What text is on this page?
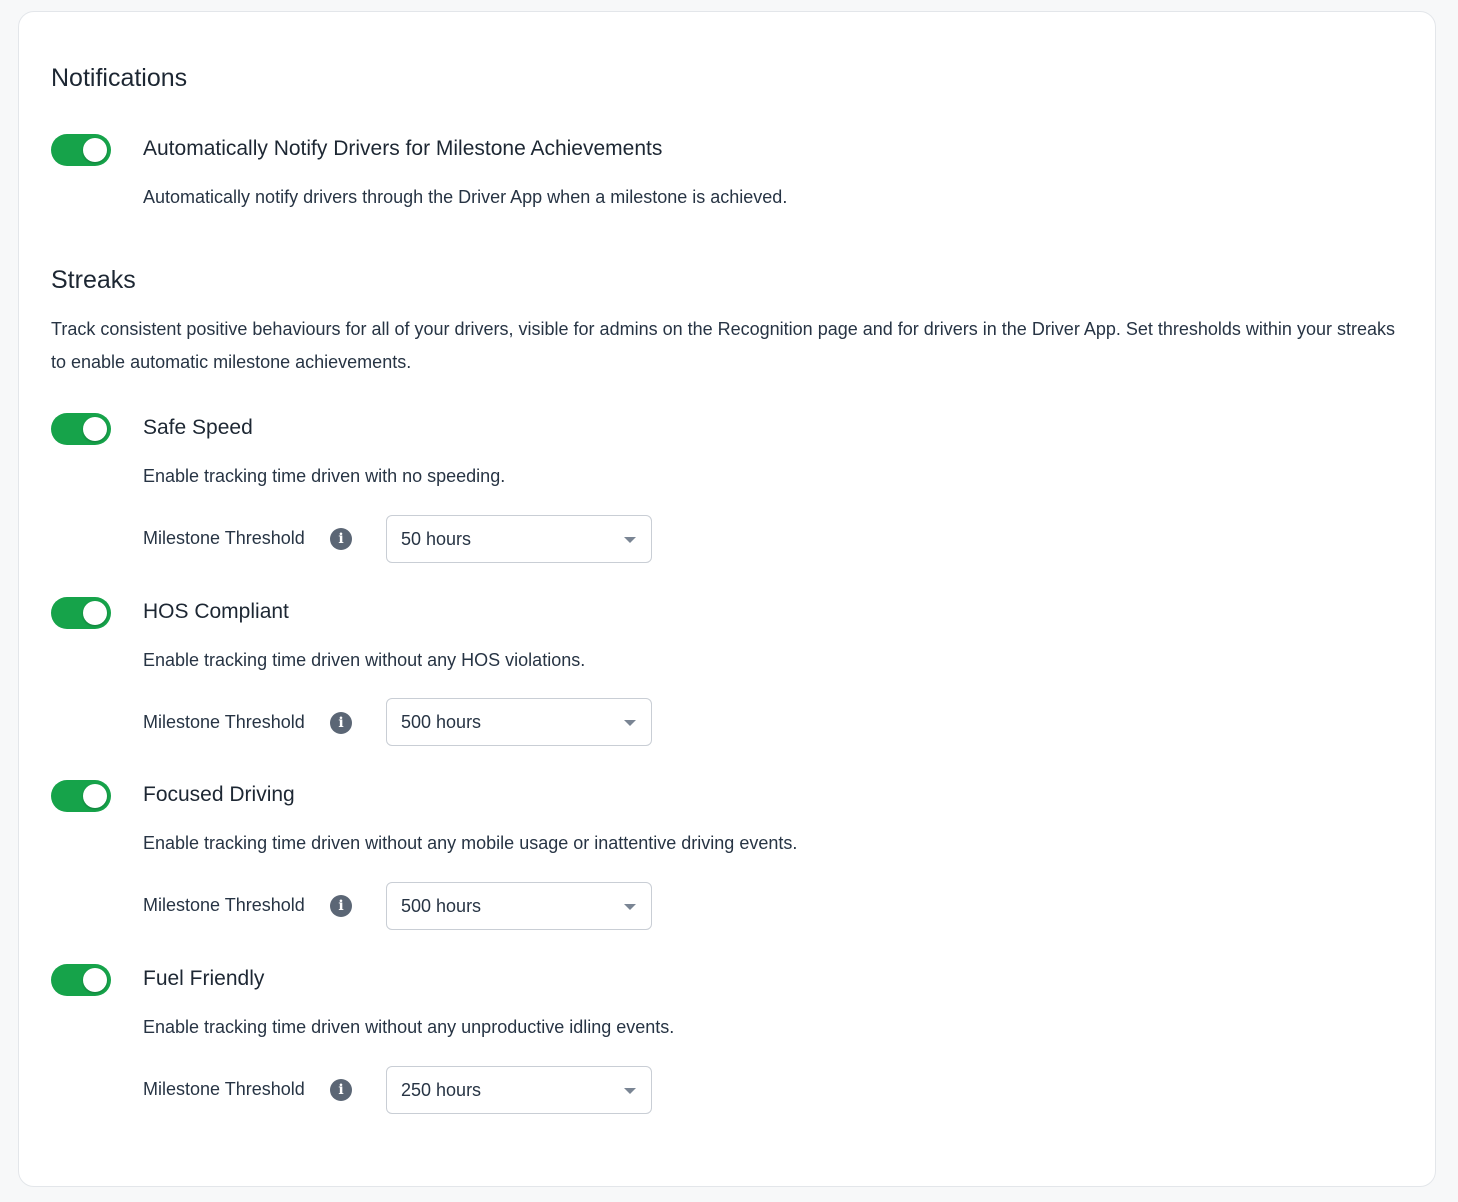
Notifications
Automatically Notify Drivers for Milestone Achievements
Automatically notify drivers through the Driver App when a milestone is achieved.
Streaks
Track consistent positive behaviours for all of your drivers, visible for admins on the Recognition page and for drivers in the Driver App. Set thresholds within your streaks to enable automatic milestone achievements.
Safe Speed
Enable tracking time driven with no speeding.
Milestone Threshold	i	50 hours
HOS Compliant
Enable tracking time driven without any HOS violations.
Milestone Threshold	i	500 hours
Focused Driving
Enable tracking time driven without any mobile usage or inattentive driving events.
Milestone Threshold	i	500 hours
Fuel Friendly
Enable tracking time driven without any unproductive idling events.
Milestone Threshold	i	250 hours
